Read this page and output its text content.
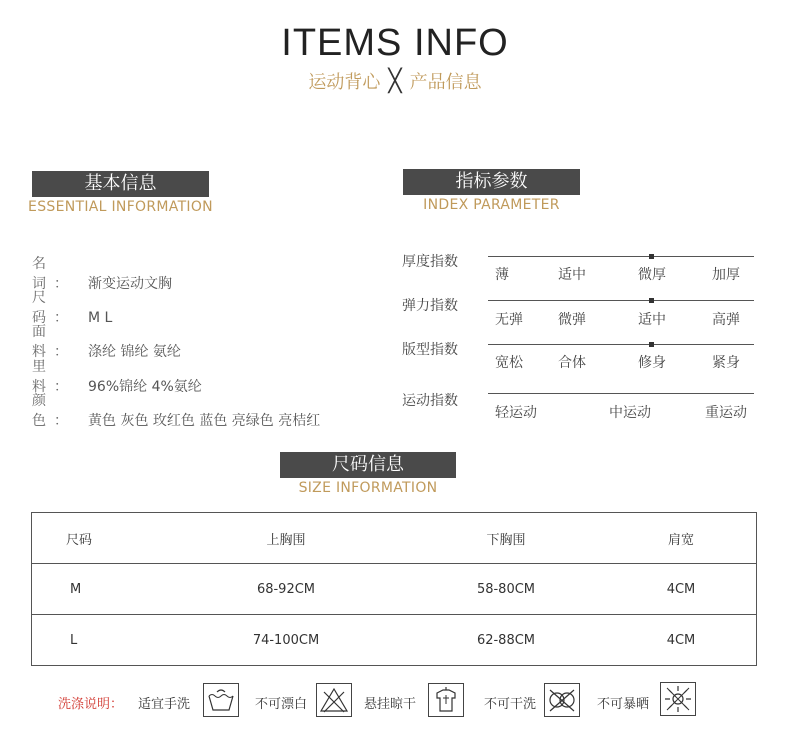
ITEMS INFO
运动背心 ╳ 产品信息
基本信息
ESSENTIAL INFORMATION
名 词： 渐变运动文胸
尺 码： M L
面 料： 涤纶 锦纶 氨纶
里 料： 96%锦纶 4%氨纶
颜 色： 黄色 灰色 玫红色 蓝色 亮绿色 亮桔红
指标参数
INDEX PARAMETER
厚度指数
薄	适中	微厚	加厚
弹力指数
无弹	微弹	适中	高弹
版型指数
宽松	合体	修身	紧身
运动指数
轻运动	中运动	重运动
尺码信息
SIZE INFORMATION
尺码	上胸围	下胸围	肩宽
M	68-92CM	58-80CM	4CM
L	74-100CM	62-88CM	4CM
洗涤说明： 适宜手洗	不可漂白	悬挂晾干	不可干洗	不可暴晒
